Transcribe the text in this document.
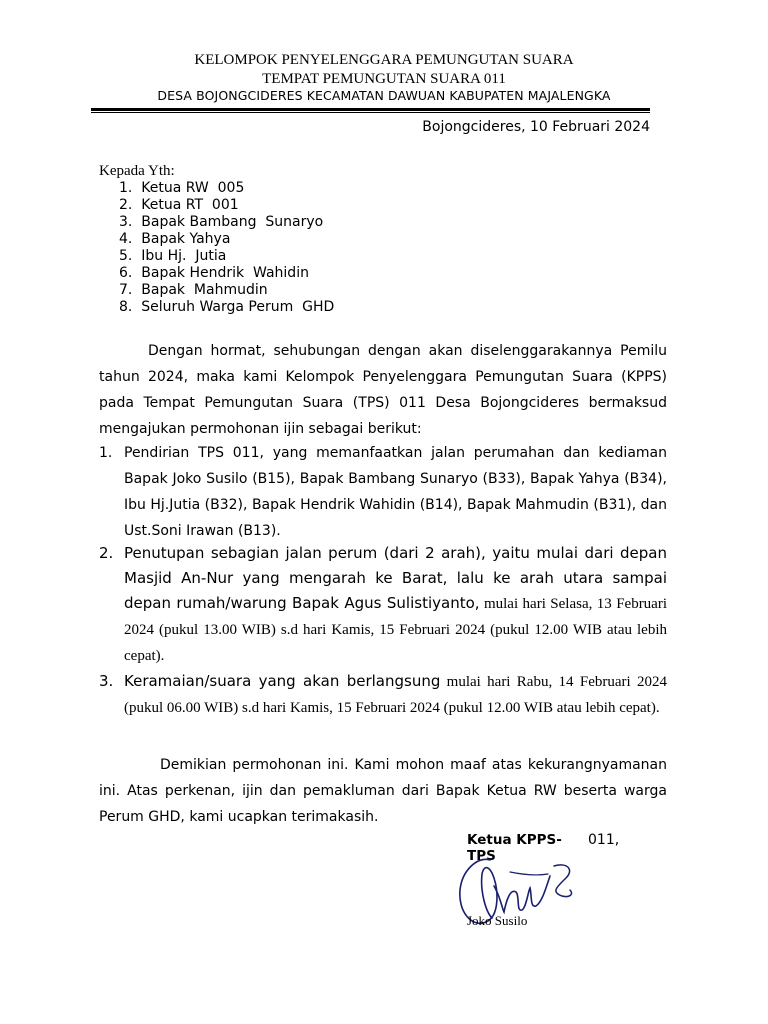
KELOMPOK PENYELENGGARA PEMUNGUTAN SUARA
TEMPAT PEMUNGUTAN SUARA 011
DESA BOJONGCIDERES KECAMATAN DAWUAN KABUPATEN MAJALENGKA
Bojongcideres, 10 Februari 2024
Kepada Yth:
1.  Ketua RW  005
2.  Ketua RT  001
3.  Bapak Bambang  Sunaryo
4.  Bapak Yahya
5.  Ibu Hj.  Jutia
6.  Bapak Hendrik  Wahidin
7.  Bapak  Mahmudin
8.  Seluruh Warga Perum  GHD

Dengan hormat, sehubungan dengan akan diselenggarakannya Pemilu tahun 2024, maka kami Kelompok Penyelenggara Pemungutan Suara (KPPS) pada Tempat Pemungutan Suara (TPS) 011 Desa Bojongcideres bermaksud mengajukan permohonan ijin sebagai berikut:

1. Pendirian TPS 011, yang memanfaatkan jalan perumahan dan kediaman Bapak Joko Susilo (B15), Bapak Bambang Sunaryo (B33), Bapak Yahya (B34), Ibu Hj.Jutia (B32), Bapak Hendrik Wahidin (B14), Bapak Mahmudin (B31), dan Ust.Soni Irawan (B13).
2. Penutupan sebagian jalan perum (dari 2 arah), yaitu mulai dari depan Masjid An-Nur yang mengarah ke Barat, lalu ke arah utara sampai depan rumah/warung Bapak Agus Sulistiyanto, mulai hari Selasa, 13 Februari 2024 (pukul 13.00 WIB) s.d hari Kamis, 15 Februari 2024 (pukul 12.00 WIB atau lebih cepat).
3. Keramaian/suara yang akan berlangsung mulai hari Rabu, 14 Februari 2024 (pukul 06.00 WIB) s.d hari Kamis, 15 Februari 2024 (pukul 12.00 WIB atau lebih cepat).

Demikian permohonan ini. Kami mohon maaf atas kekurangnyamanan ini. Atas perkenan, ijin dan pemakluman dari Bapak Ketua RW beserta warga Perum GHD, kami ucapkan terimakasih.

Ketua KPPS-TPS
011,
Joko Susilo
